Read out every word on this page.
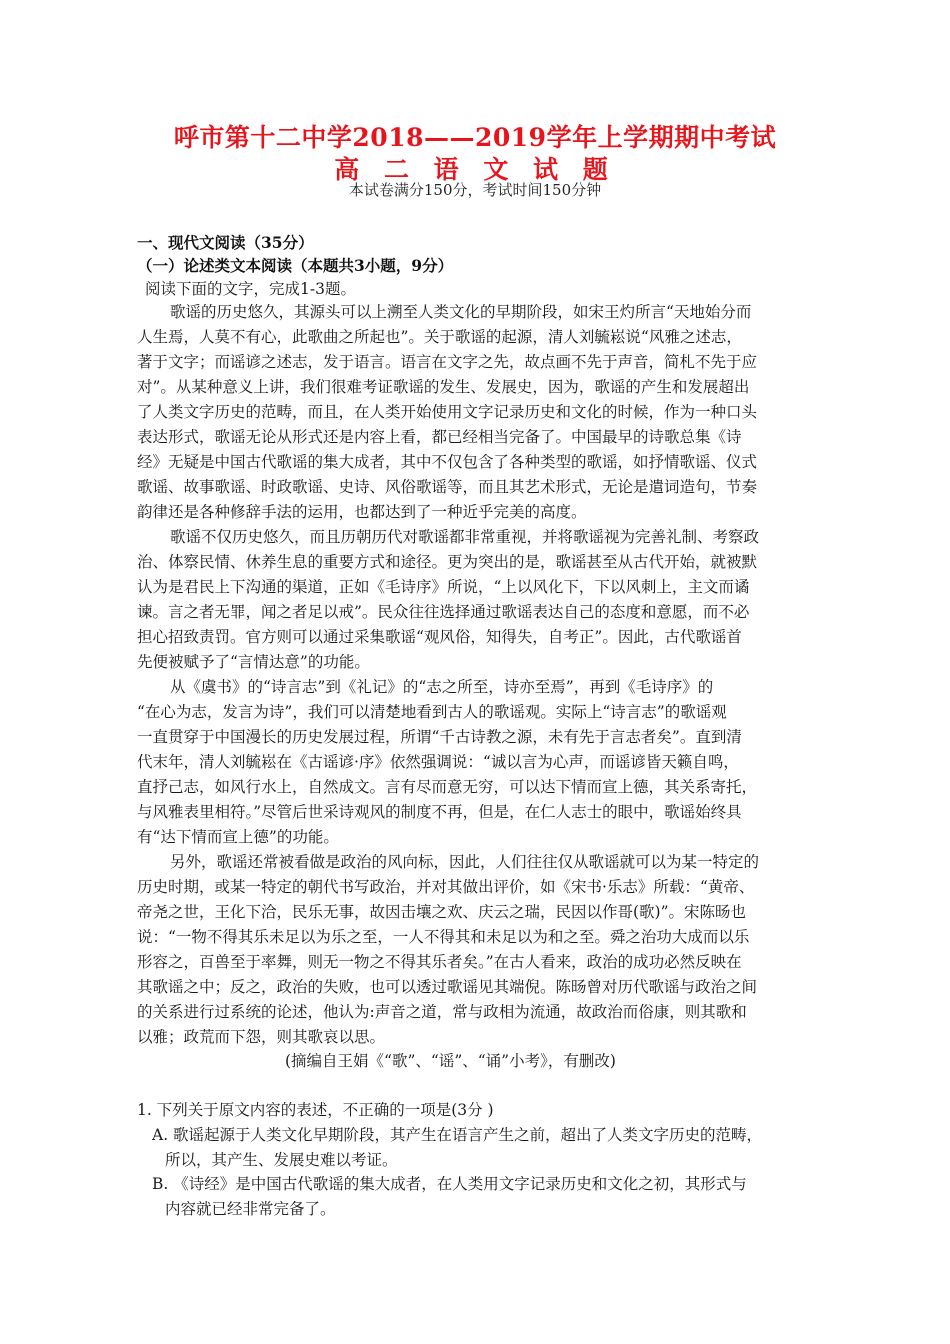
呼市第十二中学2018——2019学年上学期期中考试
高 二 语 文 试 题
本试卷满分150分，考试时间150分钟
一、现代文阅读（35分）
（一）论述类文本阅读（本题共3小题，9分）
阅读下面的文字，完成1-3题。
歌谣的历史悠久，其源头可以上溯至人类文化的早期阶段，如宋王灼所言“天地始分而
人生焉，人莫不有心，此歌曲之所起也”。关于歌谣的起源，清人刘毓崧说“风雅之述志，
著于文字；而谣谚之述志，发于语言。语言在文字之先，故点画不先于声音，简札不先于应
对”。从某种意义上讲，我们很难考证歌谣的发生、发展史，因为，歌谣的产生和发展超出
了人类文字历史的范畴，而且，在人类开始使用文字记录历史和文化的时候，作为一种口头
表达形式，歌谣无论从形式还是内容上看，都已经相当完备了。中国最早的诗歌总集《诗
经》无疑是中国古代歌谣的集大成者，其中不仅包含了各种类型的歌谣，如抒情歌谣、仪式
歌谣、故事歌谣、时政歌谣、史诗、风俗歌谣等，而且其艺术形式，无论是遣词造句，节奏
韵律还是各种修辞手法的运用，也都达到了一种近乎完美的高度。
歌谣不仅历史悠久，而且历朝历代对歌谣都非常重视，并将歌谣视为完善礼制、考察政
治、体察民情、休养生息的重要方式和途径。更为突出的是，歌谣甚至从古代开始，就被默
认为是君民上下沟通的渠道，正如《毛诗序》所说，“上以风化下，下以风刺上，主文而谲
谏。言之者无罪，闻之者足以戒”。民众往往选择通过歌谣表达自己的态度和意愿，而不必
担心招致责罚。官方则可以通过采集歌谣“观风俗，知得失，自考正”。因此，古代歌谣首
先便被赋予了“言情达意”的功能。
从《虞书》的“诗言志”到《礼记》的“志之所至，诗亦至焉”，再到《毛诗序》的
“在心为志，发言为诗”，我们可以清楚地看到古人的歌谣观。实际上“诗言志”的歌谣观
一直贯穿于中国漫长的历史发展过程，所谓“千古诗教之源，未有先于言志者矣”。直到清
代末年，清人刘毓崧在《古谣谚·序》依然强调说：“诚以言为心声，而谣谚皆天籁自鸣，
直抒己志，如风行水上，自然成文。言有尽而意无穷，可以达下情而宣上德，其关系寄托，
与风雅表里相符。”尽管后世采诗观风的制度不再，但是，在仁人志士的眼中，歌谣始终具
有“达下情而宣上德”的功能。
另外，歌谣还常被看做是政治的风向标，因此，人们往往仅从歌谣就可以为某一特定的
历史时期，或某一特定的朝代书写政治，并对其做出评价，如《宋书·乐志》所载：“黄帝、
帝尧之世，王化下洽，民乐无事，故因击壤之欢、庆云之瑞，民因以作哥(歌)”。宋陈旸也
说：“一物不得其乐未足以为乐之至，一人不得其和未足以为和之至。舜之治功大成而以乐
形容之，百兽至于率舞，则无一物之不得其乐者矣。”在古人看来，政治的成功必然反映在
其歌谣之中；反之，政治的失败，也可以透过歌谣见其端倪。陈旸曾对历代歌谣与政治之间
的关系进行过系统的论述，他认为:声音之道，常与政相为流通，故政治而俗康，则其歌和
以雅；政荒而下怨，则其歌哀以思。
(摘编自王娟《“歌”、“谣”、“诵”小考》，有删改)
1. 下列关于原文内容的表述，不正确的一项是(3分 )
A. 歌谣起源于人类文化早期阶段，其产生在语言产生之前，超出了人类文字历史的范畴，
所以，其产生、发展史难以考证。
B. 《诗经》是中国古代歌谣的集大成者，在人类用文字记录历史和文化之初，其形式与
内容就已经非常完备了。
